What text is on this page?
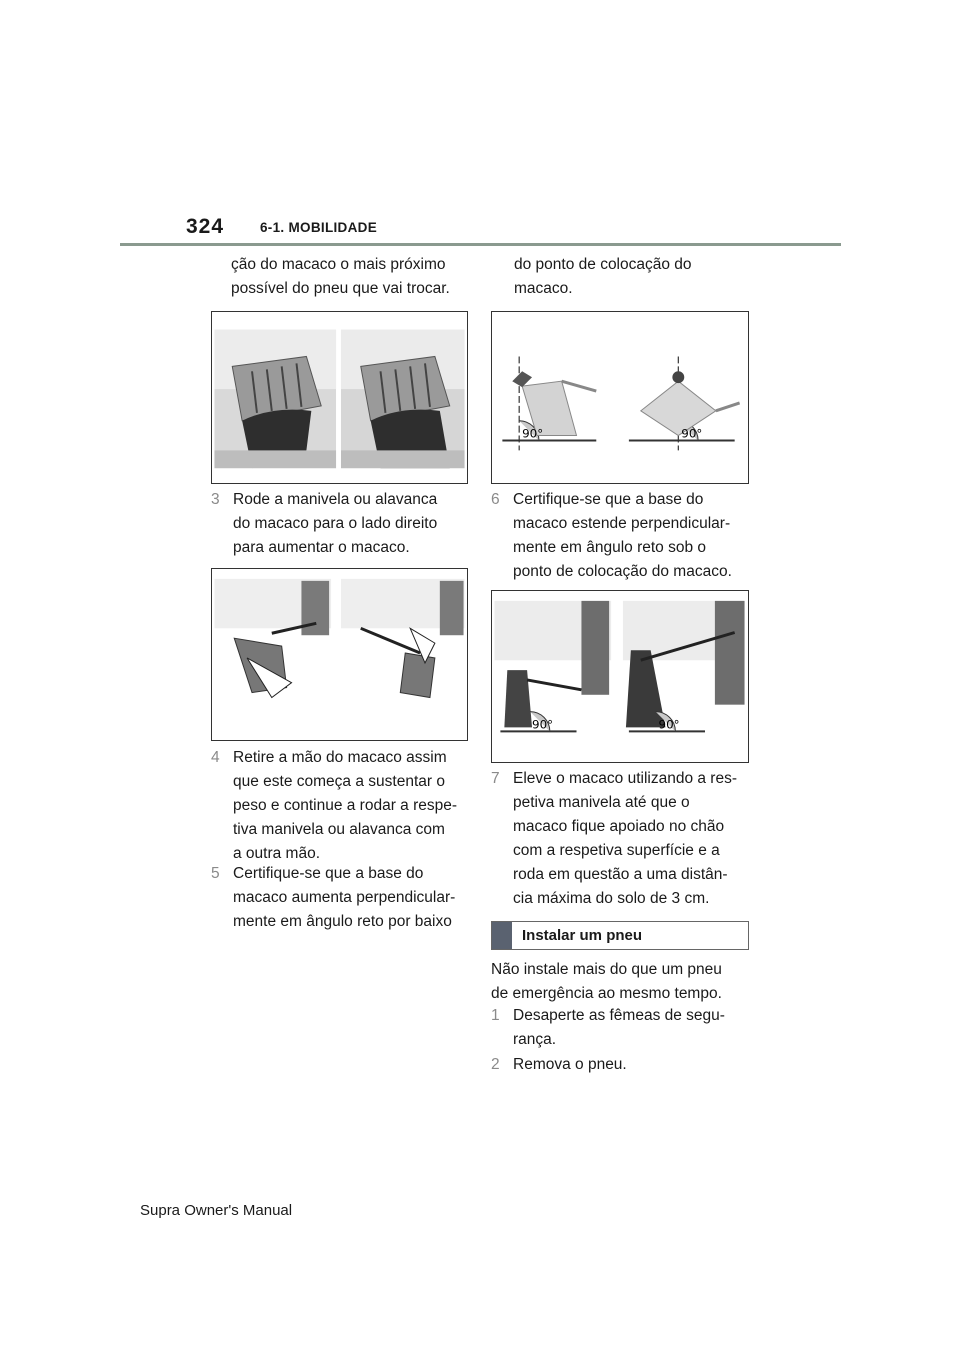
324	6-1. MOBILIDADE
ção do macaco o mais próximo
possível do pneu que vai trocar.
3 Rode a manivela ou alavanca
do macaco para o lado direito
para aumentar o macaco.
4 Retire a mão do macaco assim
que este começa a sustentar o
peso e continue a rodar a respe-
tiva manivela ou alavanca com
a outra mão.
5 Certifique-se que a base do
macaco aumenta perpendicular-
mente em ângulo reto por baixo
do ponto de colocação do
macaco.
90°	90°
6 Certifique-se que a base do
macaco estende perpendicular-
mente em ângulo reto sob o
ponto de colocação do macaco.
90°	90°
7 Eleve o macaco utilizando a res-
petiva manivela até que o
macaco fique apoiado no chão
com a respetiva superfície e a
roda em questão a uma distân-
cia máxima do solo de 3 cm.
Instalar um pneu
Não instale mais do que um pneu
de emergência ao mesmo tempo.
1 Desaperte as fêmeas de segu-
rança.
2 Remova o pneu.
Supra Owner's Manual
